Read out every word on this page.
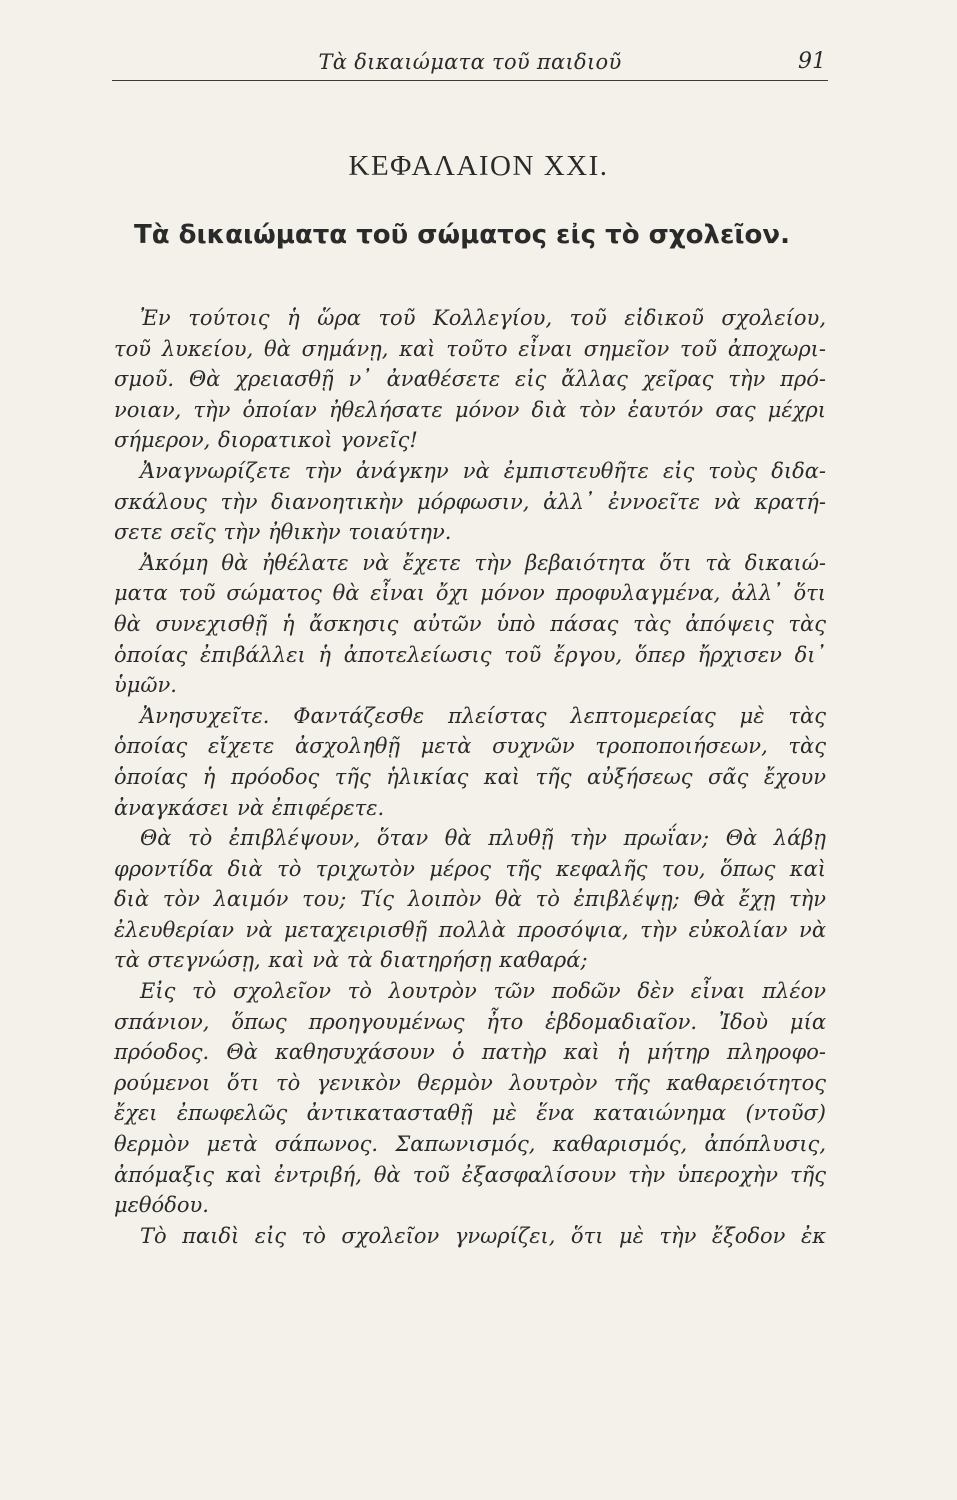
Τὰ δικαιώματα τοῦ παιδιοῦ	91
ΚΕΦΑΛΑΙΟΝ XXI.
Τὰ δικαιώματα τοῦ σώματος εἰς τὸ σχολεῖον.
Ἐν τούτοις ἡ ὥρα τοῦ Κολλεγίου, τοῦ εἰδικοῦ σχολείου,
τοῦ λυκείου, θὰ σημάνῃ, καὶ τοῦτο εἶναι σημεῖον τοῦ ἀποχωρι-
σμοῦ. Θὰ χρειασθῇ ν᾽ ἀναθέσετε εἰς ἄλλας χεῖρας τὴν πρό-
νοιαν, τὴν ὁποίαν ἠθελήσατε μόνον διὰ τὸν ἑαυτόν σας μέχρι
σήμερον, διορατικοὶ γονεῖς!
Ἀναγνωρίζετε τὴν ἀνάγκην νὰ ἐμπιστευθῆτε εἰς τοὺς διδα-
σκάλους τὴν διανοητικὴν μόρφωσιν, ἀλλ᾽ ἐννοεῖτε νὰ κρατή-
σετε σεῖς τὴν ἠθικὴν τοιαύτην.
Ἀκόμη θὰ ἠθέλατε νὰ ἔχετε τὴν βεβαιότητα ὅτι τὰ δικαιώ-
ματα τοῦ σώματος θὰ εἶναι ὄχι μόνον προφυλαγμένα, ἀλλ᾽ ὅτι
θὰ συνεχισθῇ ἡ ἄσκησις αὐτῶν ὑπὸ πάσας τὰς ἀπόψεις τὰς
ὁποίας ἐπιβάλλει ἡ ἀποτελείωσις τοῦ ἔργου, ὅπερ ἤρχισεν δι᾽
ὑμῶν.
Ἀνησυχεῖτε. Φαντάζεσθε πλείστας λεπτομερείας μὲ τὰς
ὁποίας εἴχετε ἀσχοληθῇ μετὰ συχνῶν τροποποιήσεων, τὰς
ὁποίας ἡ πρόοδος τῆς ἡλικίας καὶ τῆς αὐξήσεως σᾶς ἔχουν
ἀναγκάσει νὰ ἐπιφέρετε.
Θὰ τὸ ἐπιβλέψουν, ὅταν θὰ πλυθῇ τὴν πρωΐαν; Θὰ λάβῃ
φροντίδα διὰ τὸ τριχωτὸν μέρος τῆς κεφαλῆς του, ὅπως καὶ
διὰ τὸν λαιμόν του; Τίς λοιπὸν θὰ τὸ ἐπιβλέψῃ; Θὰ ἔχῃ τὴν
ἐλευθερίαν νὰ μεταχειρισθῇ πολλὰ προσόψια, τὴν εὐκολίαν νὰ
τὰ στεγνώσῃ, καὶ νὰ τὰ διατηρήσῃ καθαρά;
Εἰς τὸ σχολεῖον τὸ λουτρὸν τῶν ποδῶν δὲν εἶναι πλέον
σπάνιον, ὅπως προηγουμένως ἦτο ἑβδομαδιαῖον. Ἰδοὺ μία
πρόοδος. Θὰ καθησυχάσουν ὁ πατὴρ καὶ ἡ μήτηρ πληροφο-
ρούμενοι ὅτι τὸ γενικὸν θερμὸν λουτρὸν τῆς καθαρειότητος
ἔχει ἐπωφελῶς ἀντικατασταθῇ μὲ ἕνα καταιώνημα (ντοῦσ)
θερμὸν μετὰ σάπωνος. Σαπωνισμός, καθαρισμός, ἀπόπλυσις,
ἀπόμαξις καὶ ἐντριβή, θὰ τοῦ ἐξασφαλίσουν τὴν ὑπεροχὴν τῆς
μεθόδου.
Τὸ παιδὶ εἰς τὸ σχολεῖον γνωρίζει, ὅτι μὲ τὴν ἔξοδον ἐκ
